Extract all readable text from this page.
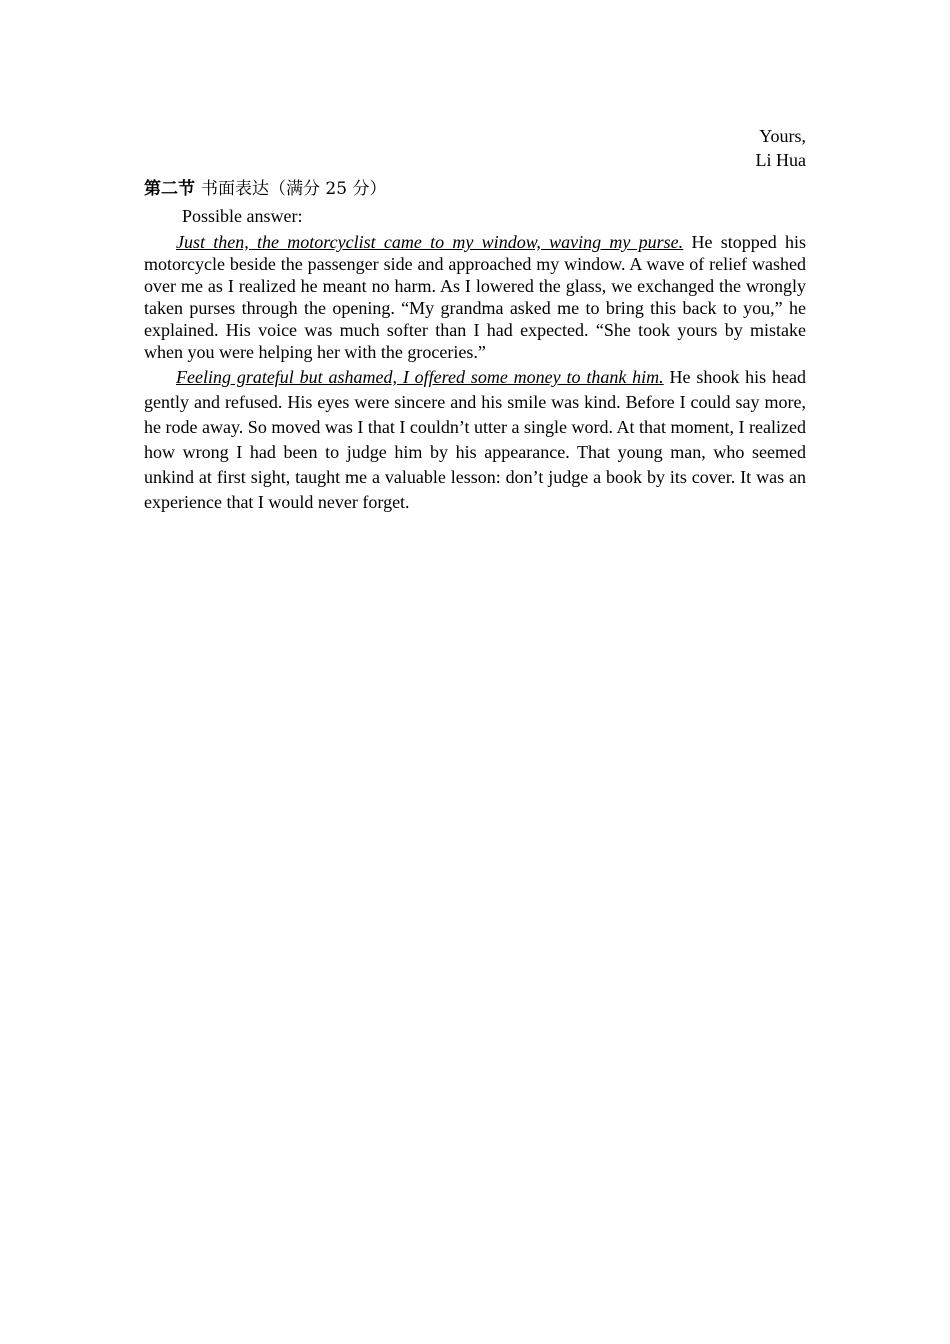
Yours,
Li Hua
第二节 书面表达（满分 25 分）
Possible answer:

Just then, the motorcyclist came to my window, waving my purse. He stopped his motorcycle beside the passenger side and approached my window. A wave of relief washed over me as I realized he meant no harm. As I lowered the glass, we exchanged the wrongly taken purses through the opening. “My grandma asked me to bring this back to you,” he explained. His voice was much softer than I had expected. “She took yours by mistake when you were helping her with the groceries.”

Feeling grateful but ashamed, I offered some money to thank him. He shook his head gently and refused. His eyes were sincere and his smile was kind. Before I could say more, he rode away. So moved was I that I couldn’t utter a single word. At that moment, I realized how wrong I had been to judge him by his appearance. That young man, who seemed unkind at first sight, taught me a valuable lesson: don’t judge a book by its cover. It was an experience that I would never forget.
